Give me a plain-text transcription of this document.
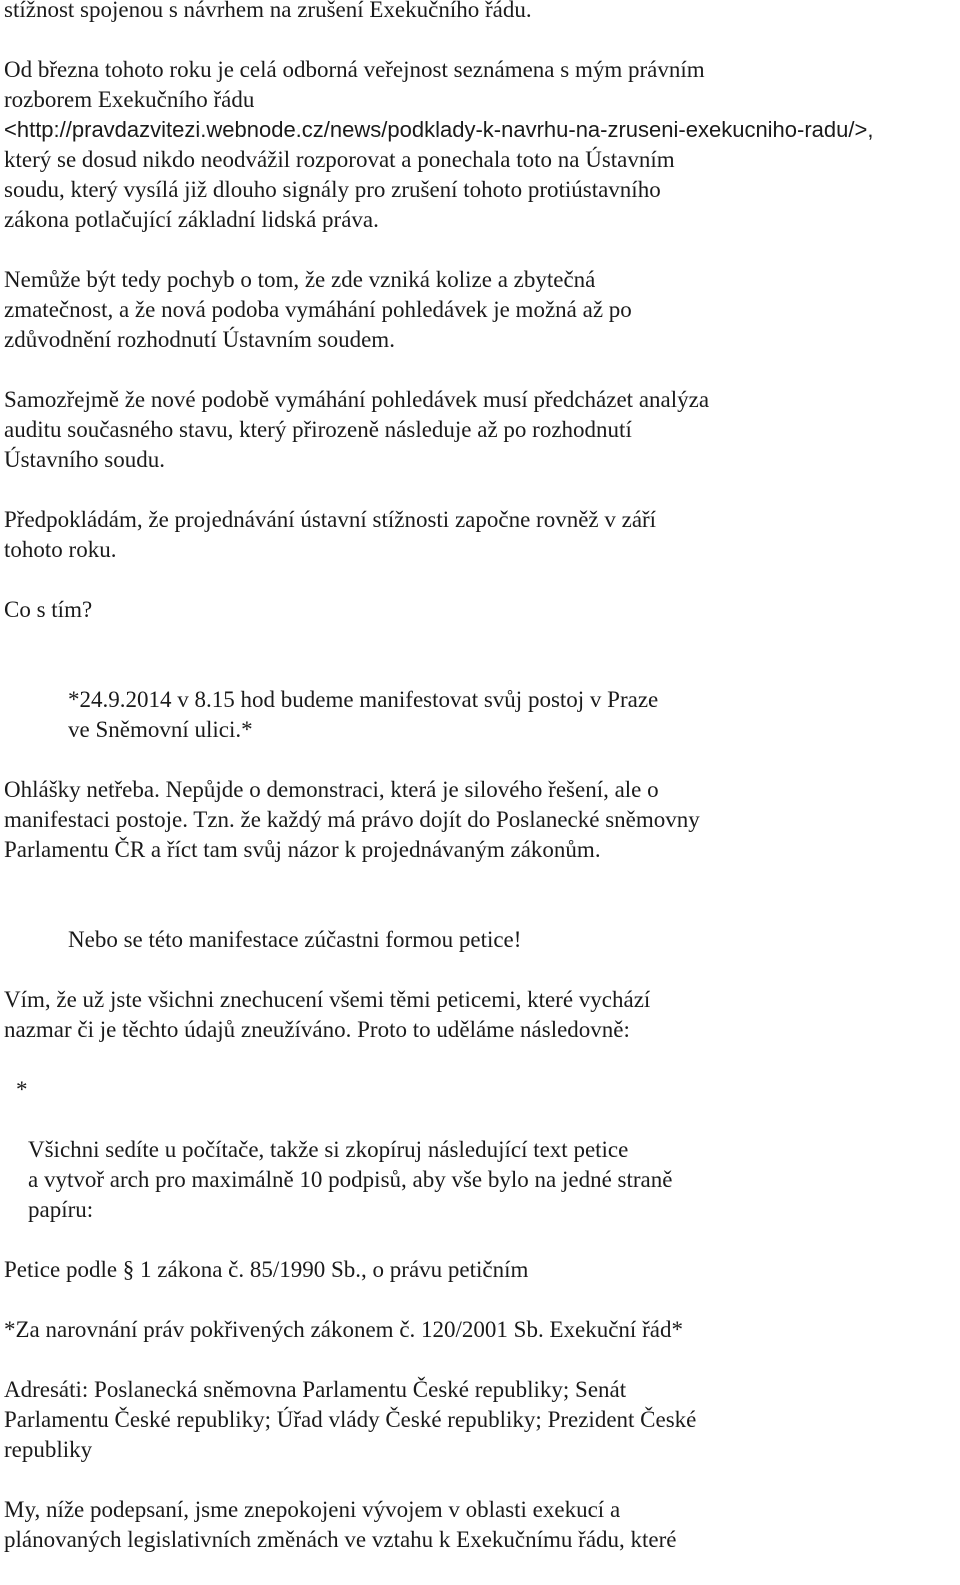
stížnost spojenou s návrhem na zrušení Exekučního řádu.

Od března tohoto roku je celá odborná veřejnost seznámena s mým právním
rozborem Exekučního řádu
<http://pravdazvitezi.webnode.cz/news/podklady-k-navrhu-na-zruseni-exekucniho-radu/>,
který se dosud nikdo neodvážil rozporovat a ponechala toto na Ústavním
soudu, který vysílá již dlouho signály pro zrušení tohoto protiústavního
zákona potlačující základní lidská práva.

Nemůže být tedy pochyb o tom, že zde vzniká kolize a zbytečná
zmatečnost, a že nová podoba vymáhání pohledávek je možná až po
zdůvodnění rozhodnutí Ústavním soudem.

Samozřejmě že nové podobě vymáhání pohledávek musí předcházet analýza
auditu současného stavu, který přirozeně následuje až po rozhodnutí
Ústavního soudu.

Předpokládám, že projednávání ústavní stížnosti započne rovněž v září
tohoto roku.

Co s tím?

*24.9.2014 v 8.15 hod budeme manifestovat svůj postoj v Praze
ve Sněmovní ulici.*

Ohlášky netřeba. Nepůjde o demonstraci, která je silového řešení, ale o
manifestaci postoje. Tzn. že každý má právo dojít do Poslanecké sněmovny
Parlamentu ČR a říct tam svůj názor k projednávaným zákonům.

Nebo se této manifestace zúčastni formou petice!

Vím, že už jste všichni znechucení všemi těmi peticemi, které vychází
nazmar či je těchto údajů zneužíváno. Proto to uděláme následovně:

*

Všichni sedíte u počítače, takže si zkopíruj následující text petice
a vytvoř arch pro maximálně 10 podpisů, aby vše bylo na jedné straně
papíru:

Petice podle § 1 zákona č. 85/1990 Sb., o právu petičním

*Za narovnání práv pokřivených zákonem č. 120/2001 Sb. Exekuční řád*

Adresáti: Poslanecká sněmovna Parlamentu České republiky; Senát
Parlamentu České republiky; Úřad vlády České republiky; Prezident České
republiky

My, níže podepsaní, jsme znepokojeni vývojem v oblasti exekucí a
plánovaných legislativních změnách ve vztahu k Exekučnímu řádu, které
